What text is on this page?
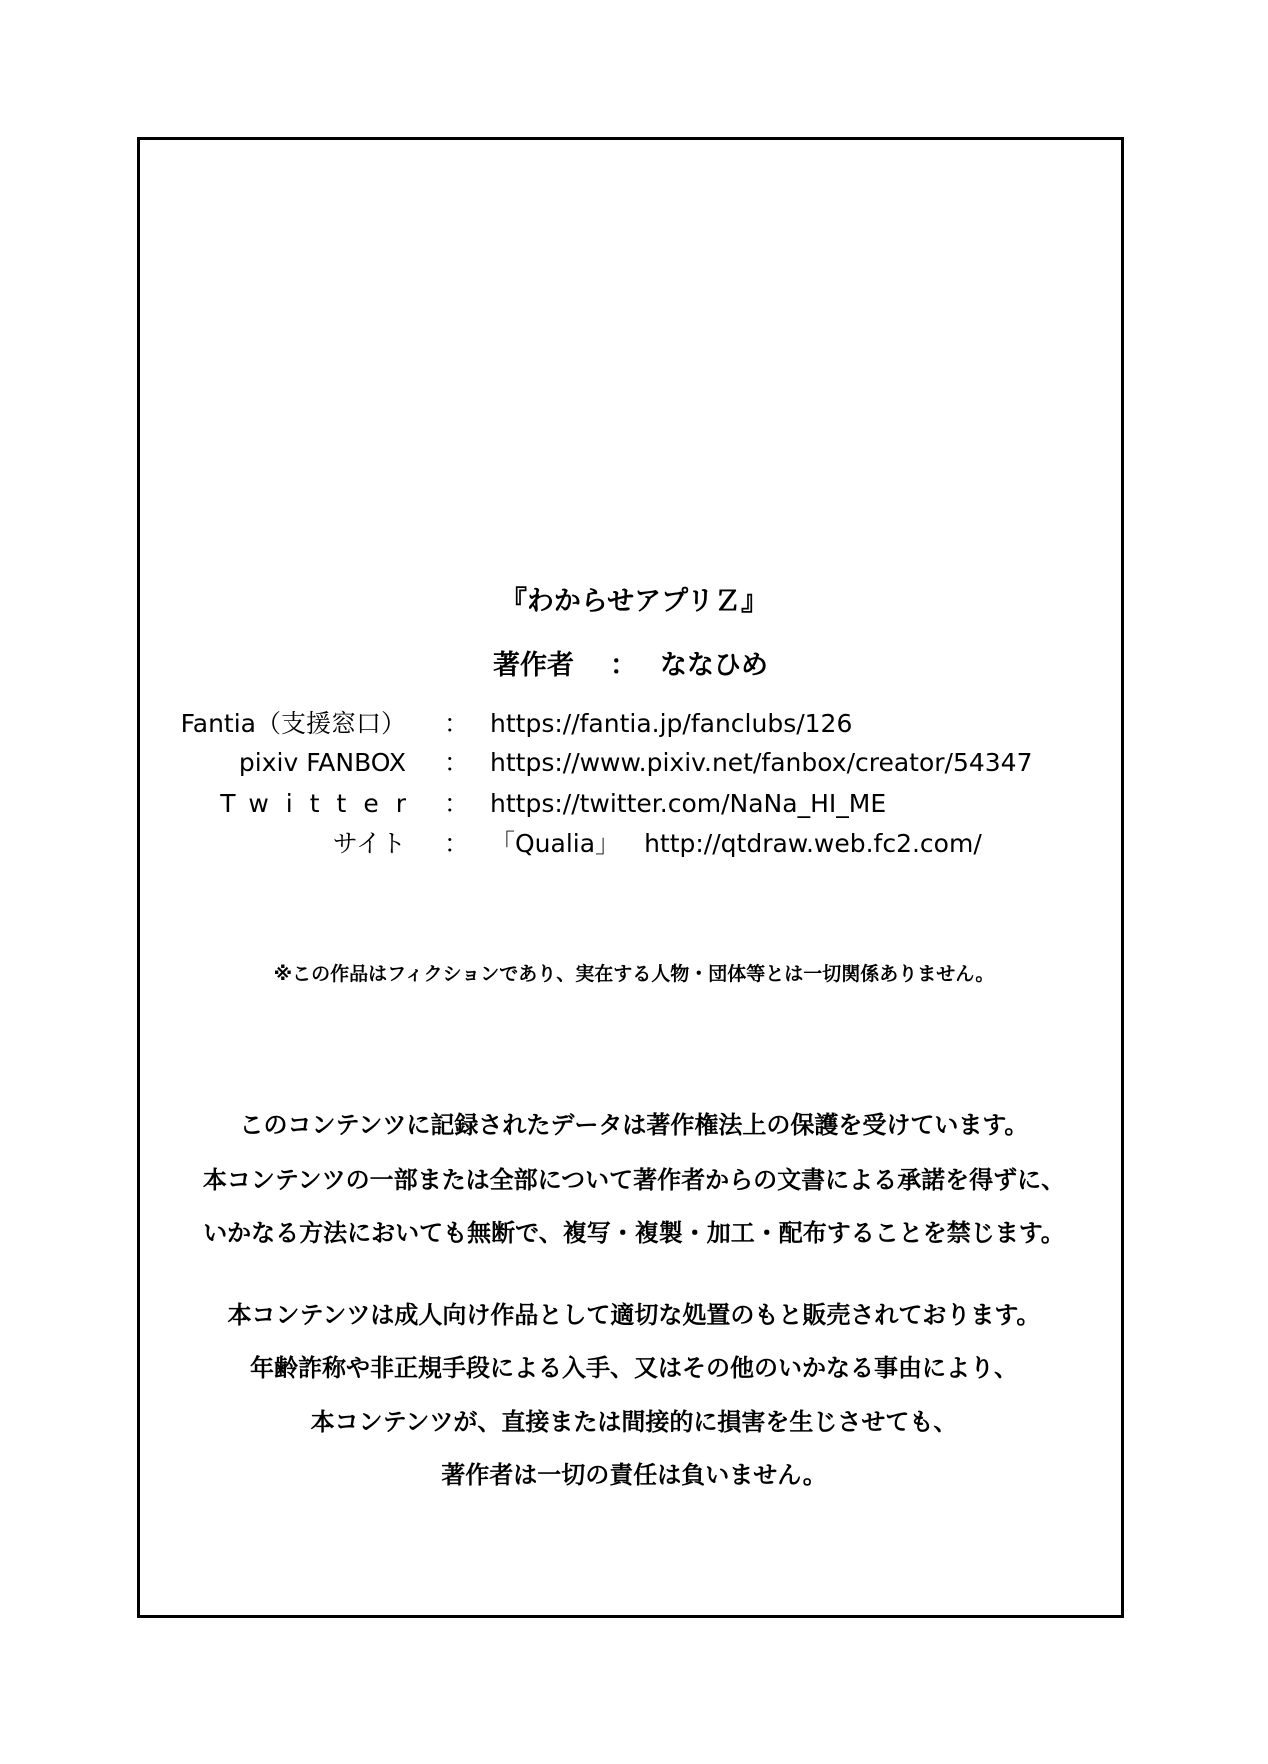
『わからせアプリＺ』
著作者 ： ななひめ
Fantia（支援窓口） ： https://fantia.jp/fanclubs/126
pixiv FANBOX ： https://www.pixiv.net/fanbox/creator/54347
Twitter ： https://twitter.com/NaNa_HI_ME
サイト ： 「Qualia」 http://qtdraw.web.fc2.com/
※この作品はフィクションであり、実在する人物・団体等とは一切関係ありません。
このコンテンツに記録されたデータは著作権法上の保護を受けています。
本コンテンツの一部または全部について著作者からの文書による承諾を得ずに、
いかなる方法においても無断で、複写・複製・加工・配布することを禁じます。
本コンテンツは成人向け作品として適切な処置のもと販売されております。
年齢詐称や非正規手段による入手、又はその他のいかなる事由により、
本コンテンツが、直接または間接的に損害を生じさせても、
著作者は一切の責任は負いません。
